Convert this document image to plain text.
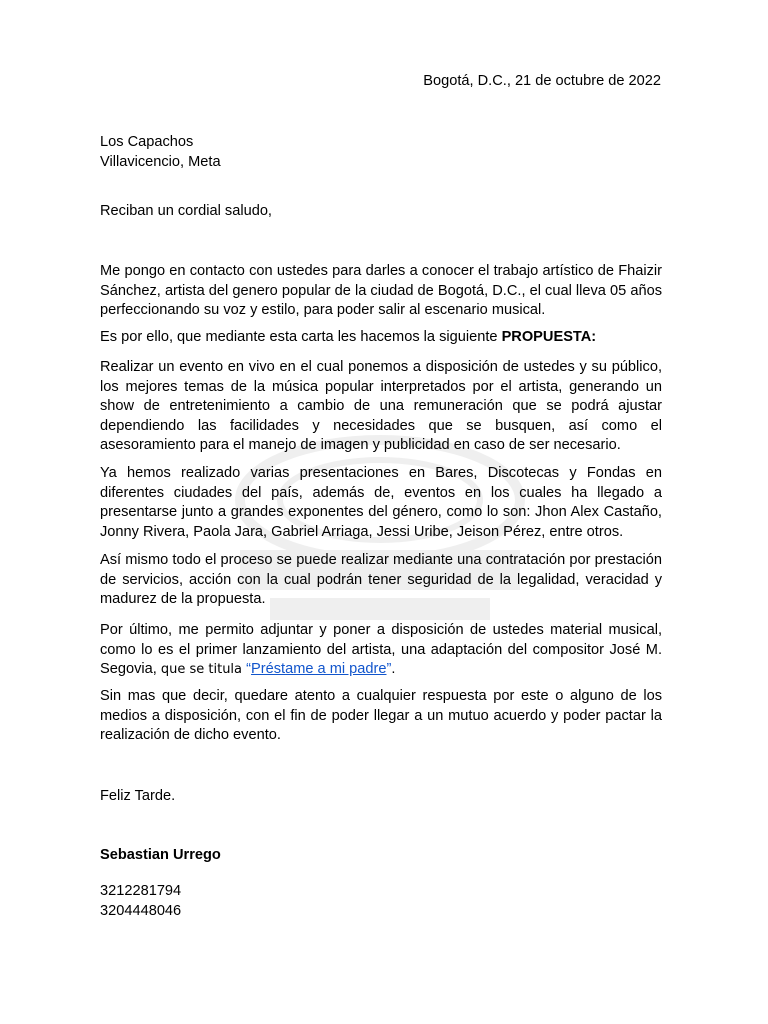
Bogotá, D.C., 21 de octubre de 2022

Los Capachos
Villavicencio, Meta

Reciban un cordial saludo,

Me pongo en contacto con ustedes para darles a conocer el trabajo artístico de Fhaizir Sánchez, artista del genero popular de la ciudad de Bogotá, D.C., el cual lleva 05 años perfeccionando su voz y estilo, para poder salir al escenario musical.

Es por ello, que mediante esta carta les hacemos la siguiente PROPUESTA:

Realizar un evento en vivo en el cual ponemos a disposición de ustedes y su público, los mejores temas de la música popular interpretados por el artista, generando un show de entretenimiento a cambio de una remuneración que se podrá ajustar dependiendo las facilidades y necesidades que se busquen, así como el asesoramiento para el manejo de imagen y publicidad en caso de ser necesario.

Ya hemos realizado varias presentaciones en Bares, Discotecas y Fondas en diferentes ciudades del país, además de, eventos en los cuales ha llegado a presentarse junto a grandes exponentes del género, como lo son: Jhon Alex Castaño, Jonny Rivera, Paola Jara, Gabriel Arriaga, Jessi Uribe, Jeison Pérez, entre otros.

Así mismo todo el proceso se puede realizar mediante una contratación por prestación de servicios, acción con la cual podrán tener seguridad de la legalidad, veracidad y madurez de la propuesta.

Por último, me permito adjuntar y poner a disposición de ustedes material musical, como lo es el primer lanzamiento del artista, una adaptación del compositor José M. Segovia, que se titula “Préstame a mi padre”.

Sin mas que decir, quedare atento a cualquier respuesta por este o alguno de los medios a disposición, con el fin de poder llegar a un mutuo acuerdo y poder pactar la realización de dicho evento.

Feliz Tarde.

Sebastian Urrego

3212281794
3204448046
